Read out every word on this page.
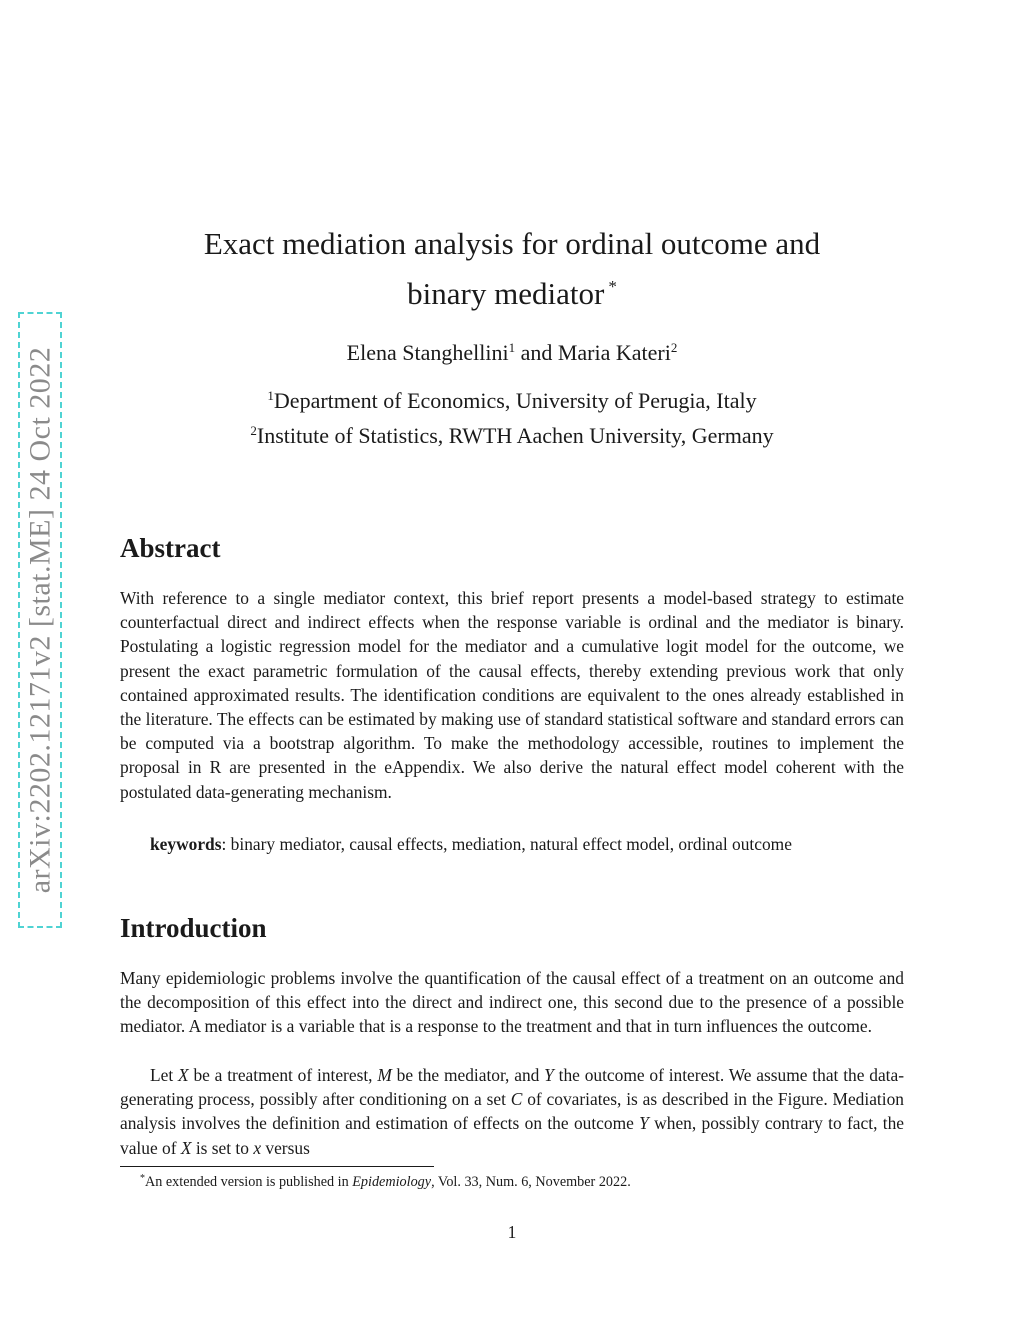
arXiv:2202.12171v2 [stat.ME] 24 Oct 2022
Exact mediation analysis for ordinal outcome and
binary mediator *
Elena Stanghellini$^1$ and Maria Kateri$^2$
$^1$Department of Economics, University of Perugia, Italy
$^2$Institute of Statistics, RWTH Aachen University, Germany
Abstract

With reference to a single mediator context, this brief report presents a model-based strategy to estimate counterfactual direct and indirect effects when the response variable is ordinal and the mediator is binary. Postulating a logistic regression model for the mediator and a cumulative logit model for the outcome, we present the exact parametric formulation of the causal effects, thereby extending previous work that only contained approximated results. The identification conditions are equivalent to the ones already established in the literature. The effects can be estimated by making use of standard statistical software and standard errors can be computed via a bootstrap algorithm. To make the methodology accessible, routines to implement the proposal in R are presented in the eAppendix. We also derive the natural effect model coherent with the postulated data-generating mechanism.

keywords: binary mediator, causal effects, mediation, natural effect model, ordinal outcome

Introduction

Many epidemiologic problems involve the quantification of the causal effect of a treatment on an outcome and the decomposition of this effect into the direct and indirect one, this second due to the presence of a possible mediator. A mediator is a variable that is a response to the treatment and that in turn influences the outcome.

Let X be a treatment of interest, M be the mediator, and Y the outcome of interest. We assume that the data-generating process, possibly after conditioning on a set C of covariates, is as described in the Figure. Mediation analysis involves the definition and estimation of effects on the outcome Y when, possibly contrary to fact, the value of X is set to x versus

*An extended version is published in Epidemiology, Vol. 33, Num. 6, November 2022.
1
